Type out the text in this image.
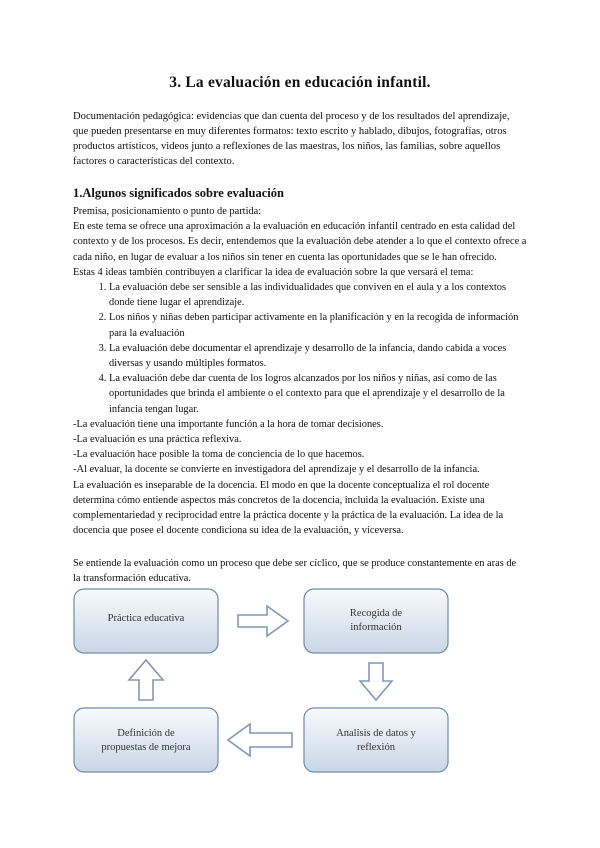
3. La evaluación en educación infantil.
Documentación pedagógica: evidencias que dan cuenta del proceso y de los resultados del aprendizaje, que pueden presentarse en muy diferentes formatos: texto escrito y hablado, dibujos, fotografías, otros productos artísticos, videos junto a reflexiones de las maestras, los niños, las familias, sobre aquellos factores o características del contexto.
1.Algunos significados sobre evaluación

Premisa, posicionamiento o punto de partida:

En este tema se ofrece una aproximación a la evaluación en educación infantil centrado en esta calidad del contexto y de los procesos. Es decir, entendemos que la evaluación debe atender a lo que el contexto ofrece a cada niño, en lugar de evaluar a los niños sin tener en cuenta las oportunidades que se le han ofrecido.

Estas 4 ideas también contribuyen a clarificar la idea de evaluación sobre la que versará el tema:

1. La evaluación debe ser sensible a las individualidades que conviven en el aula y a los contextos donde tiene lugar el aprendizaje.
2. Los niños y niñas deben participar activamente en la planificación y en la recogida de información para la evaluación
3. La evaluación debe documentar el aprendizaje y desarrollo de la infancia, dando cabida a voces diversas y usando múltiples formatos.
4. La evaluación debe dar cuenta de los logros alcanzados por los niños y niñas, así como de las oportunidades que brinda el ambiente o el contexto para que el aprendizaje y el desarrollo de la infancia tengan lugar.

-La evaluación tiene una importante función a la hora de tomar decisiones.

-La evaluación es una práctica reflexiva.

-La evaluación hace posible la toma de conciencia de lo que hacemos.

-Al evaluar, la docente se convierte en investigadora del aprendizaje y el desarrollo de la infancia.

La evaluación es inseparable de la docencia. El modo en que la docente conceptualiza el rol docente determina cómo entiende aspectos más concretos de la docencia, incluida la evaluación. Existe una complementariedad y reciprocidad entre la práctica docente y la práctica de la evaluación. La idea de la docencia que posee el docente condiciona su idea de la evaluación, y viceversa.

Se entiende la evaluación como un proceso que debe ser cíclico, que se produce constantemente en aras de la transformación educativa.
Práctica educativa	Recogida de
información
Analisis de datos y
reflexión
Definición de
propuestas de mejora
